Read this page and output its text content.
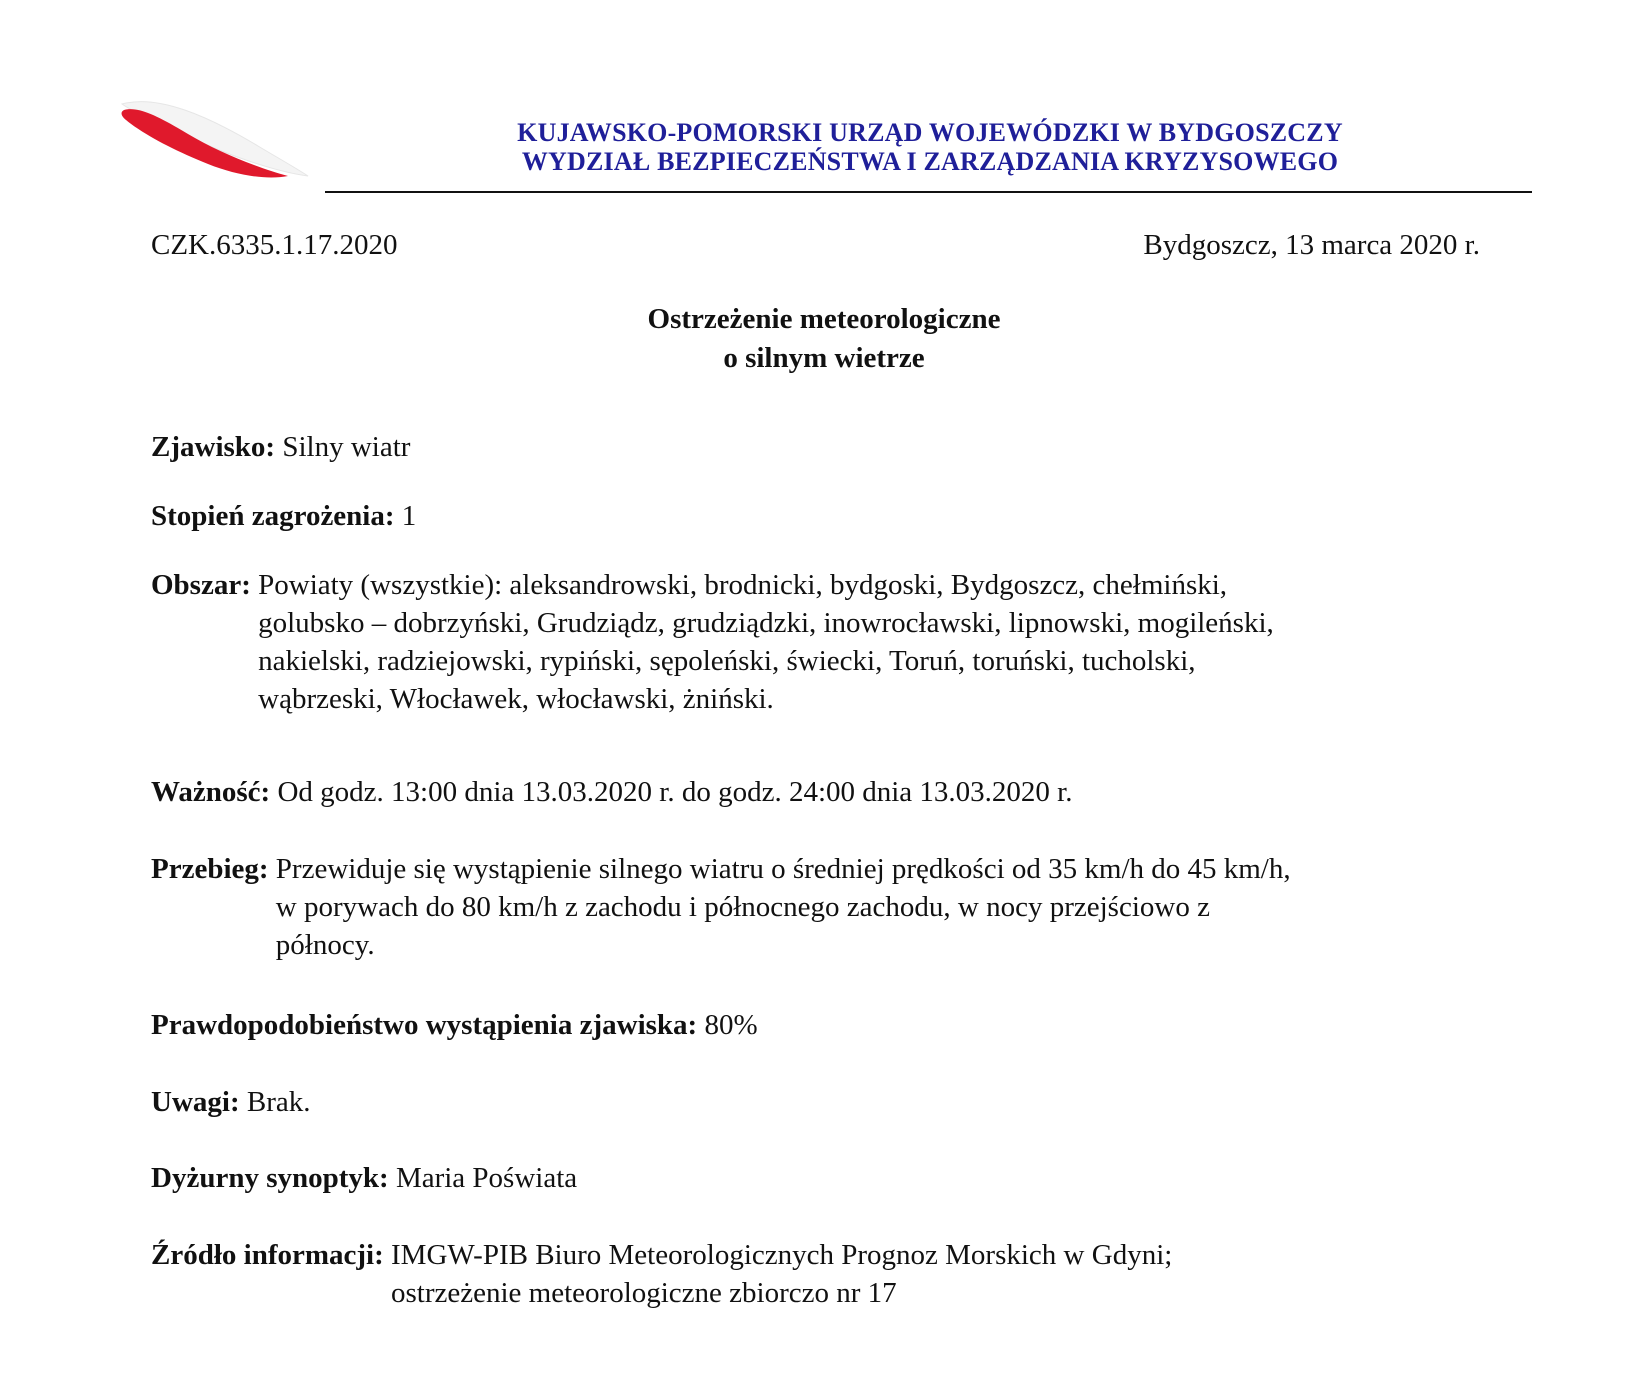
KUJAWSKO-POMORSKI URZĄD WOJEWÓDZKI W BYDGOSZCZY
WYDZIAŁ BEZPIECZEŃSTWA I ZARZĄDZANIA KRYZYSOWEGO
CZK.6335.1.17.2020	Bydgoszcz, 13 marca 2020 r.
Ostrzeżenie meteorologiczne
o silnym wietrze
Zjawisko:
Silny wiatr
Stopień zagrożenia:
1
Obszar:
Powiaty (wszystkie): aleksandrowski, brodnicki, bydgoski, Bydgoszcz, chełmiński,
golubsko – dobrzyński, Grudziądz, grudziądzki, inowrocławski, lipnowski, mogileński,
nakielski, radziejowski, rypiński, sępoleński, świecki, Toruń, toruński, tucholski,
wąbrzeski, Włocławek, włocławski, żniński.
Ważność:
Od godz. 13:00 dnia 13.03.2020 r. do godz. 24:00 dnia 13.03.2020 r.
Przebieg:
Przewiduje się wystąpienie silnego wiatru o średniej prędkości od 35 km/h do 45 km/h,
w porywach do 80 km/h z zachodu i północnego zachodu, w nocy przejściowo z
północy.
Prawdopodobieństwo wystąpienia zjawiska:
80%
Uwagi:
Brak.
Dyżurny synoptyk:
Maria Poświata
Źródło informacji:
IMGW-PIB Biuro Meteorologicznych Prognoz Morskich w Gdyni;
ostrzeżenie meteorologiczne zbiorczo nr 17
